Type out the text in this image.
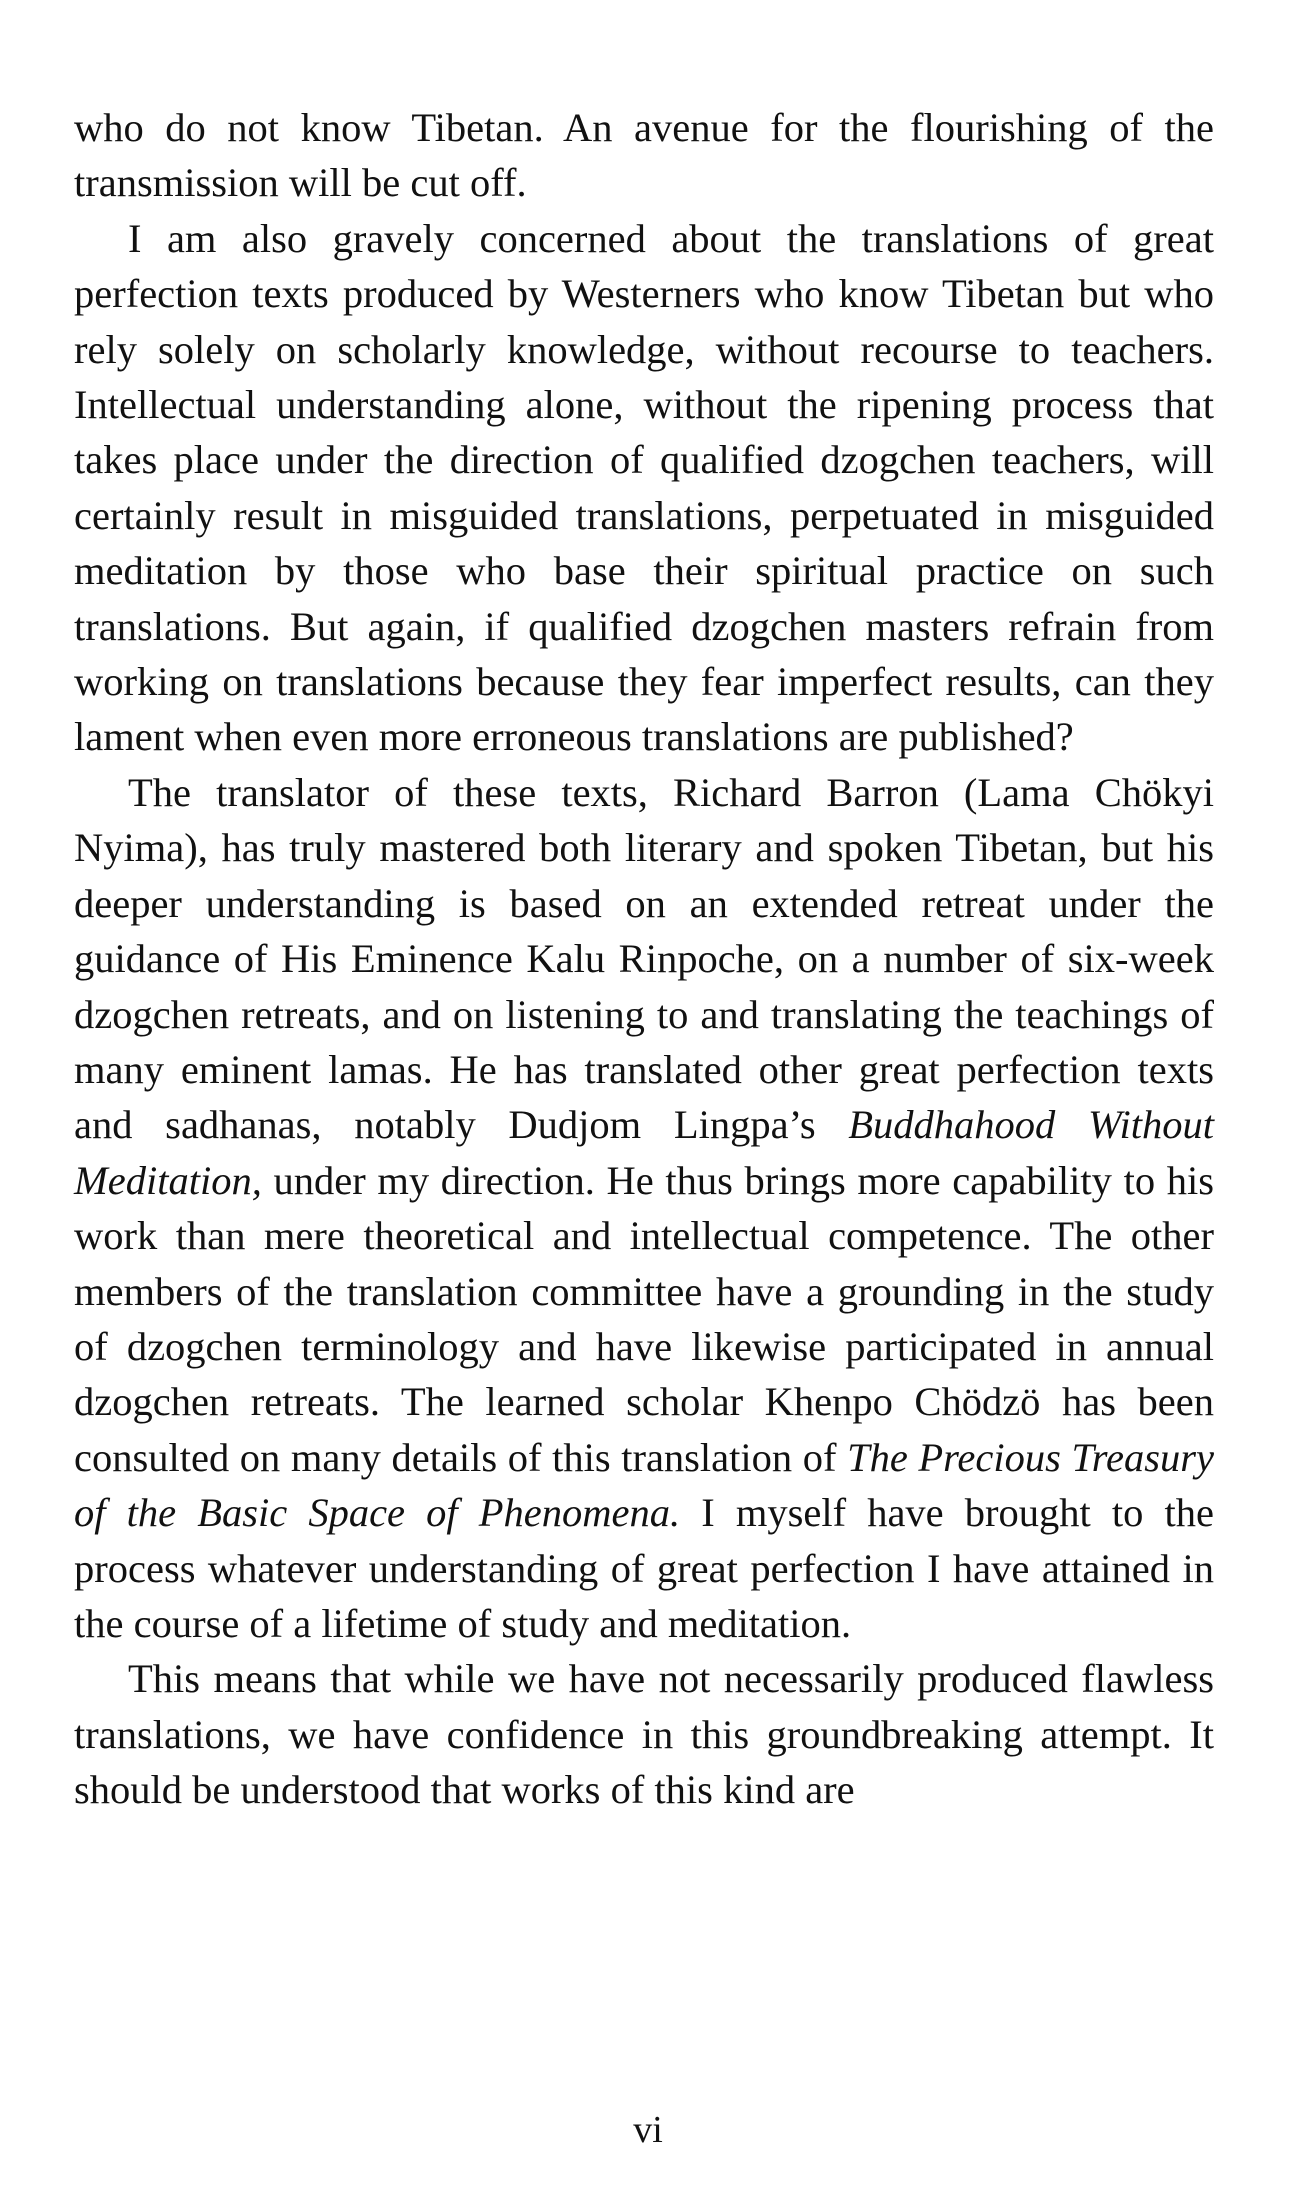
who do not know Tibetan. An avenue for the flourishing of the transmission will be cut off.

I am also gravely concerned about the translations of great perfection texts produced by Westerners who know Tibetan but who rely solely on scholarly knowledge, without recourse to teachers. Intellectual understanding alone, without the ripening process that takes place under the direction of qualified dzogchen teachers, will certainly result in misguided translations, perpetuated in misguided meditation by those who base their spiritual practice on such translations. But again, if qualified dzogchen masters refrain from working on translations because they fear imperfect results, can they lament when even more erroneous translations are published?

The translator of these texts, Richard Barron (Lama Chökyi Nyima), has truly mastered both literary and spoken Tibetan, but his deeper understanding is based on an extended retreat under the guidance of His Eminence Kalu Rinpoche, on a number of six-week dzogchen retreats, and on listening to and translating the teachings of many eminent lamas. He has translated other great perfection texts and sadhanas, notably Dudjom Lingpa’s Buddhahood Without Meditation, under my direction. He thus brings more capability to his work than mere theoretical and intellectual competence. The other members of the translation committee have a grounding in the study of dzogchen terminology and have likewise participated in annual dzogchen retreats. The learned scholar Khenpo Chödzö has been consulted on many details of this translation of The Precious Treasury of the Basic Space of Phenomena. I myself have brought to the process whatever understanding of great perfection I have attained in the course of a lifetime of study and meditation.

This means that while we have not necessarily produced flawless translations, we have confidence in this groundbreaking attempt. It should be understood that works of this kind are

vi
